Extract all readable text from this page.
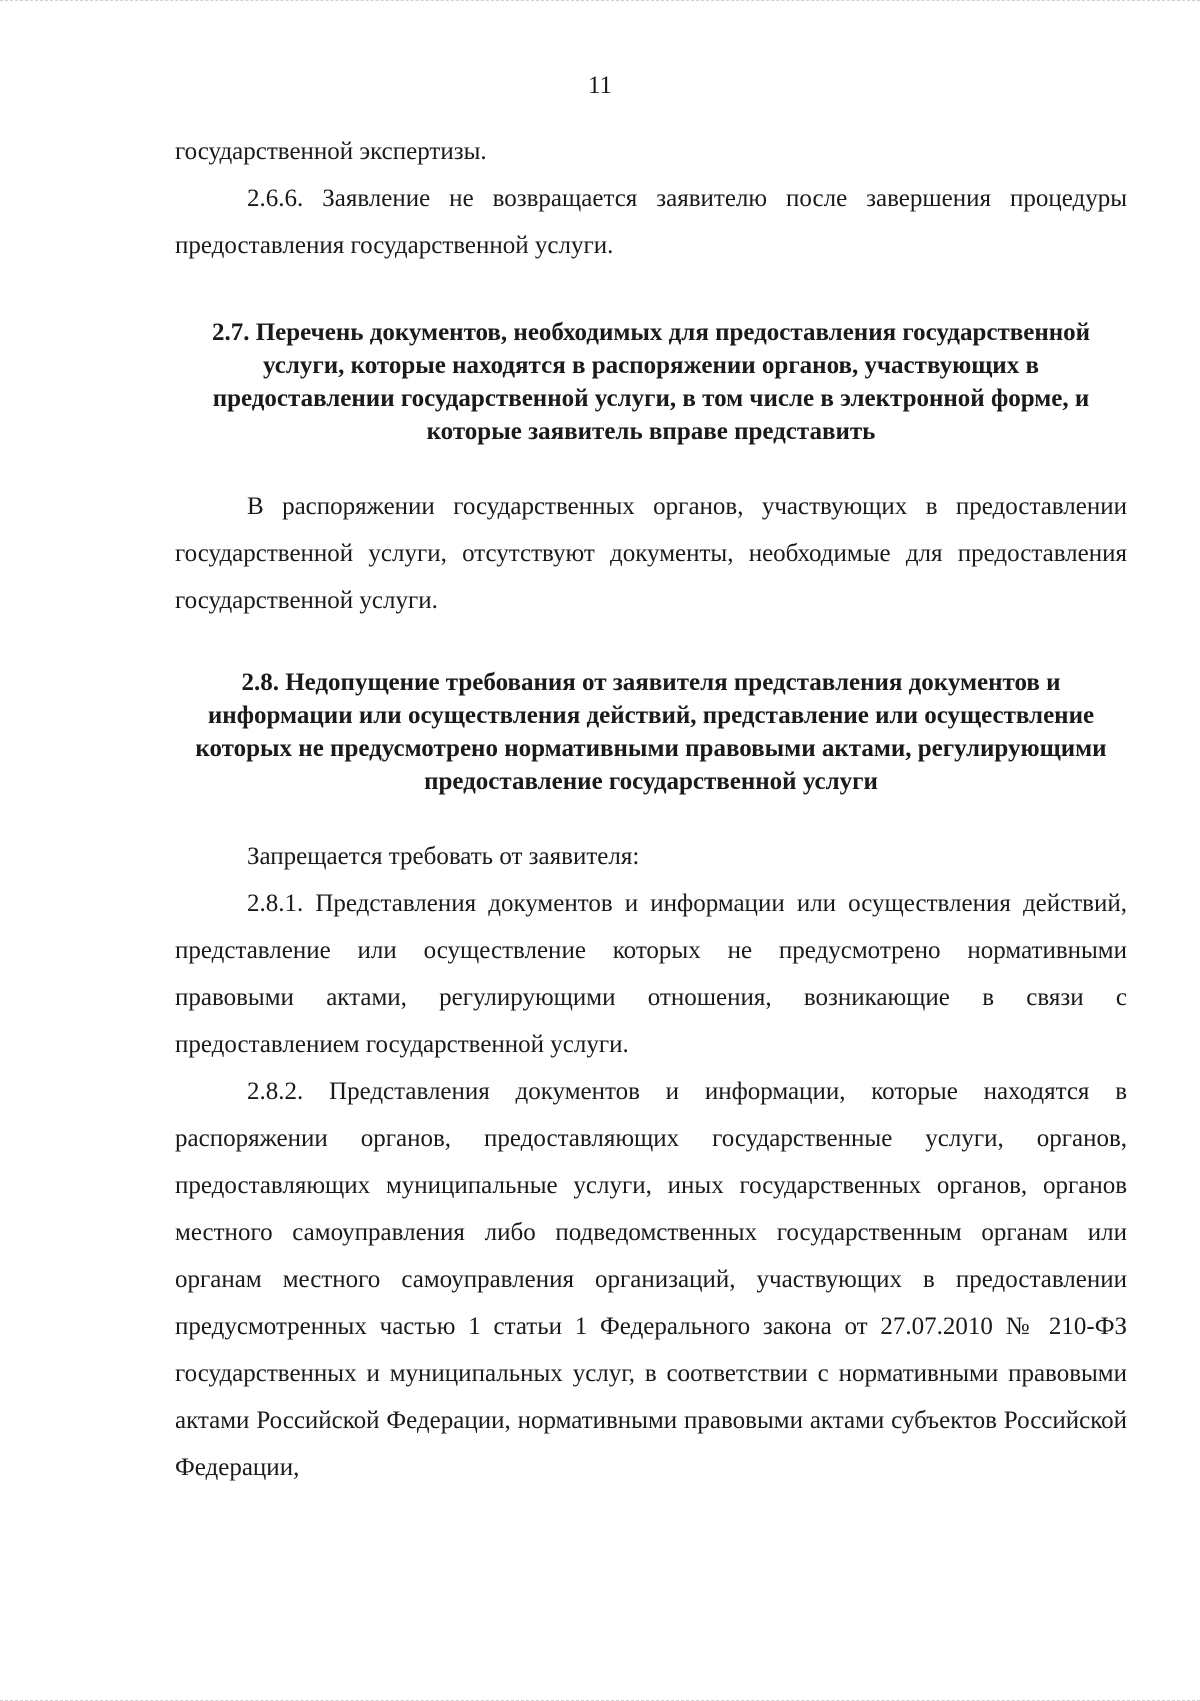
11

государственной экспертизы.

2.6.6. Заявление не возвращается заявителю после завершения процедуры предоставления государственной услуги.

2.7. Перечень документов, необходимых для предоставления государственной услуги, которые находятся в распоряжении органов, участвующих в предоставлении государственной услуги, в том числе в электронной форме, и которые заявитель вправе представить

В распоряжении государственных органов, участвующих в предоставлении государственной услуги, отсутствуют документы, необходимые для предоставления государственной услуги.

2.8. Недопущение требования от заявителя представления документов и информации или осуществления действий, представление или осуществление которых не предусмотрено нормативными правовыми актами, регулирующими предоставление государственной услуги

Запрещается требовать от заявителя:

2.8.1. Представления документов и информации или осуществления действий, представление или осуществление которых не предусмотрено нормативными правовыми актами, регулирующими отношения, возникающие в связи с предоставлением государственной услуги.

2.8.2. Представления документов и информации, которые находятся в распоряжении органов, предоставляющих государственные услуги, органов, предоставляющих муниципальные услуги, иных государственных органов, органов местного самоуправления либо подведомственных государственным органам или органам местного самоуправления организаций, участвующих в предоставлении предусмотренных частью 1 статьи 1 Федерального закона от 27.07.2010 № 210-ФЗ государственных и муниципальных услуг, в соответствии с нормативными правовыми актами Российской Федерации, нормативными правовыми актами субъектов Российской Федерации,
